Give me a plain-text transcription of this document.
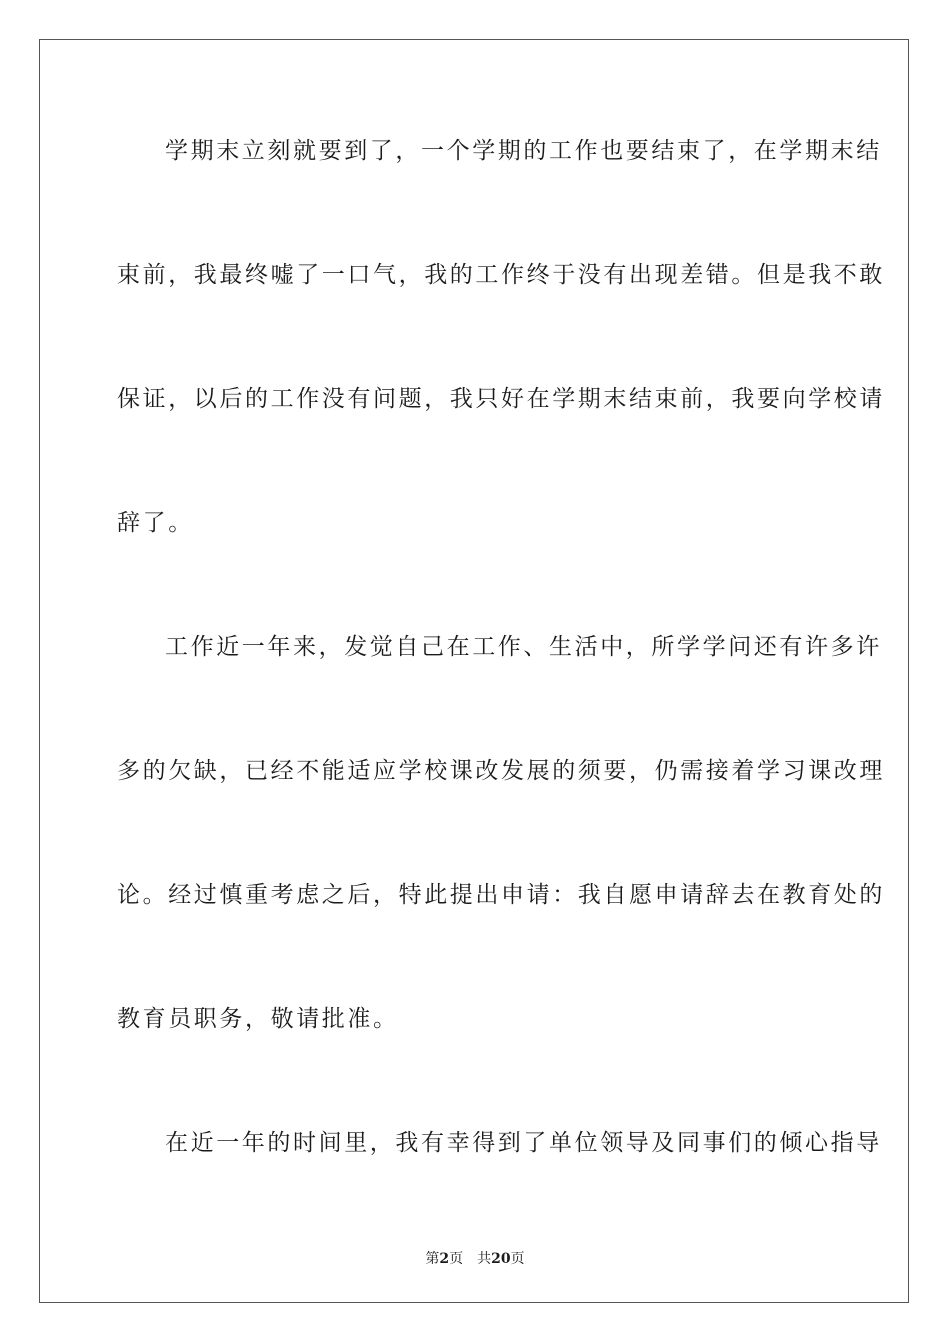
学期末立刻就要到了，一个学期的工作也要结束了，在学期末结
束前，我最终嘘了一口气，我的工作终于没有出现差错。但是我不敢
保证，以后的工作没有问题，我只好在学期末结束前，我要向学校请
辞了。
工作近一年来，发觉自己在工作、生活中，所学学问还有许多许
多的欠缺，已经不能适应学校课改发展的须要，仍需接着学习课改理
论。经过慎重考虑之后，特此提出申请：我自愿申请辞去在教育处的
教育员职务，敬请批准。
在近一年的时间里，我有幸得到了单位领导及同事们的倾心指导
第2页 共20页
